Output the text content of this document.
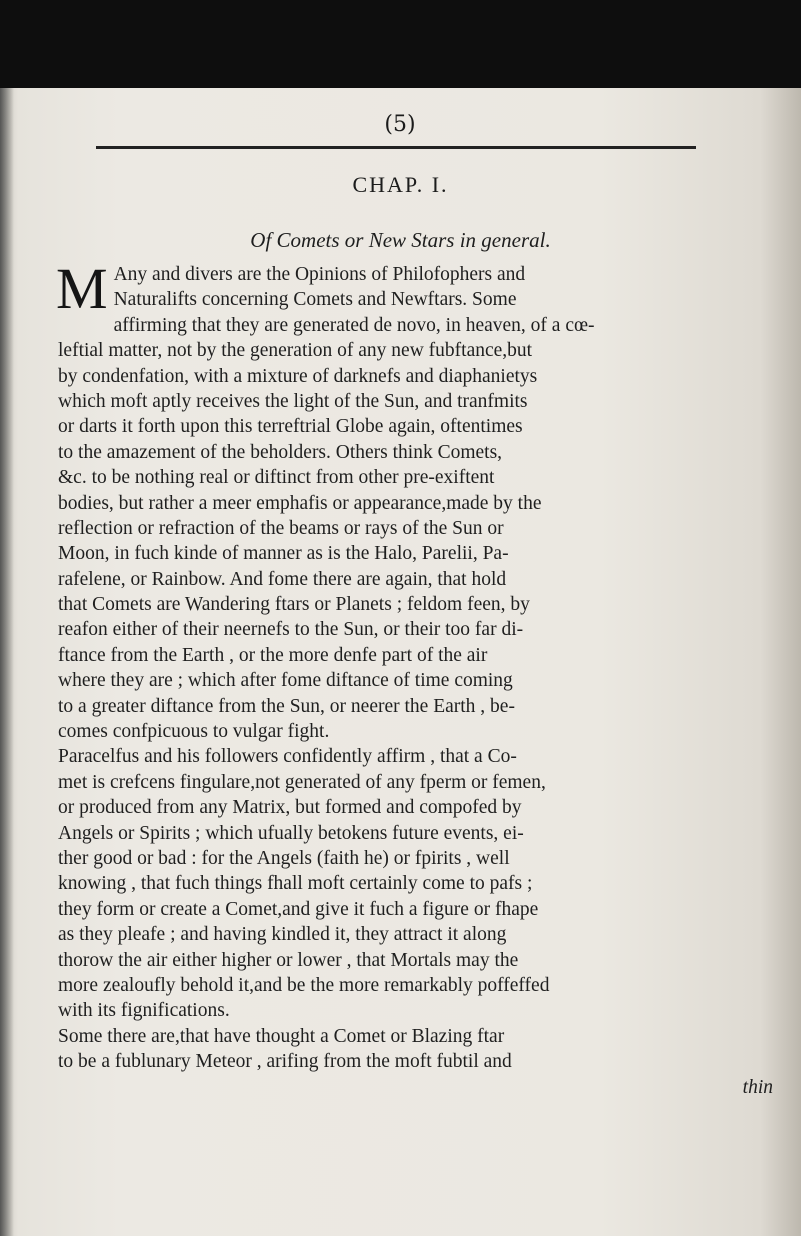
(5)
CHAP. I.
Of Comets or New Stars in general.
M Any and divers are the Opinions of Philofophers and
Naturalifts concerning Comets and Newftars. Some
affirming that they are generated de novo, in heaven, of a cœ-
leftial matter, not by the generation of any new fubftance,but
by condenfation, with a mixture of darknefs and diaphanietys
which moft aptly receives the light of the Sun, and tranfmits
or darts it forth upon this terreftrial Globe again, oftentimes
to the amazement of the beholders. Others think Comets,
&c. to be nothing real or diftinct from other pre-exiftent
bodies, but rather a meer emphafis or appearance,made by the
reflection or refraction of the beams or rays of the Sun or
Moon, in fuch kinde of manner as is the Halo, Parelii, Pa-
rafelene, or Rainbow. And fome there are again, that hold
that Comets are Wandering ftars or Planets ; feldom feen, by
reafon either of their neernefs to the Sun, or their too far di-
ftance from the Earth , or the more denfe part of the air
where they are ; which after fome diftance of time coming
to a greater diftance from the Sun, or neerer the Earth , be-
comes confpicuous to vulgar fight.
Paracelfus and his followers confidently affirm , that a Co-
met is crefcens fingulare,not generated of any fperm or femen,
or produced from any Matrix, but formed and compofed by
Angels or Spirits ; which ufually betokens future events, ei-
ther good or bad : for the Angels (faith he) or fpirits , well
knowing , that fuch things fhall moft certainly come to pafs ;
they form or create a Comet,and give it fuch a figure or fhape
as they pleafe ; and having kindled it, they attract it along
thorow the air either higher or lower , that Mortals may the
more zealoufly behold it,and be the more remarkably poffeffed
with its fignifications.
Some there are,that have thought a Comet or Blazing ftar
to be a fublunary Meteor , arifing from the moft fubtil and
thin
